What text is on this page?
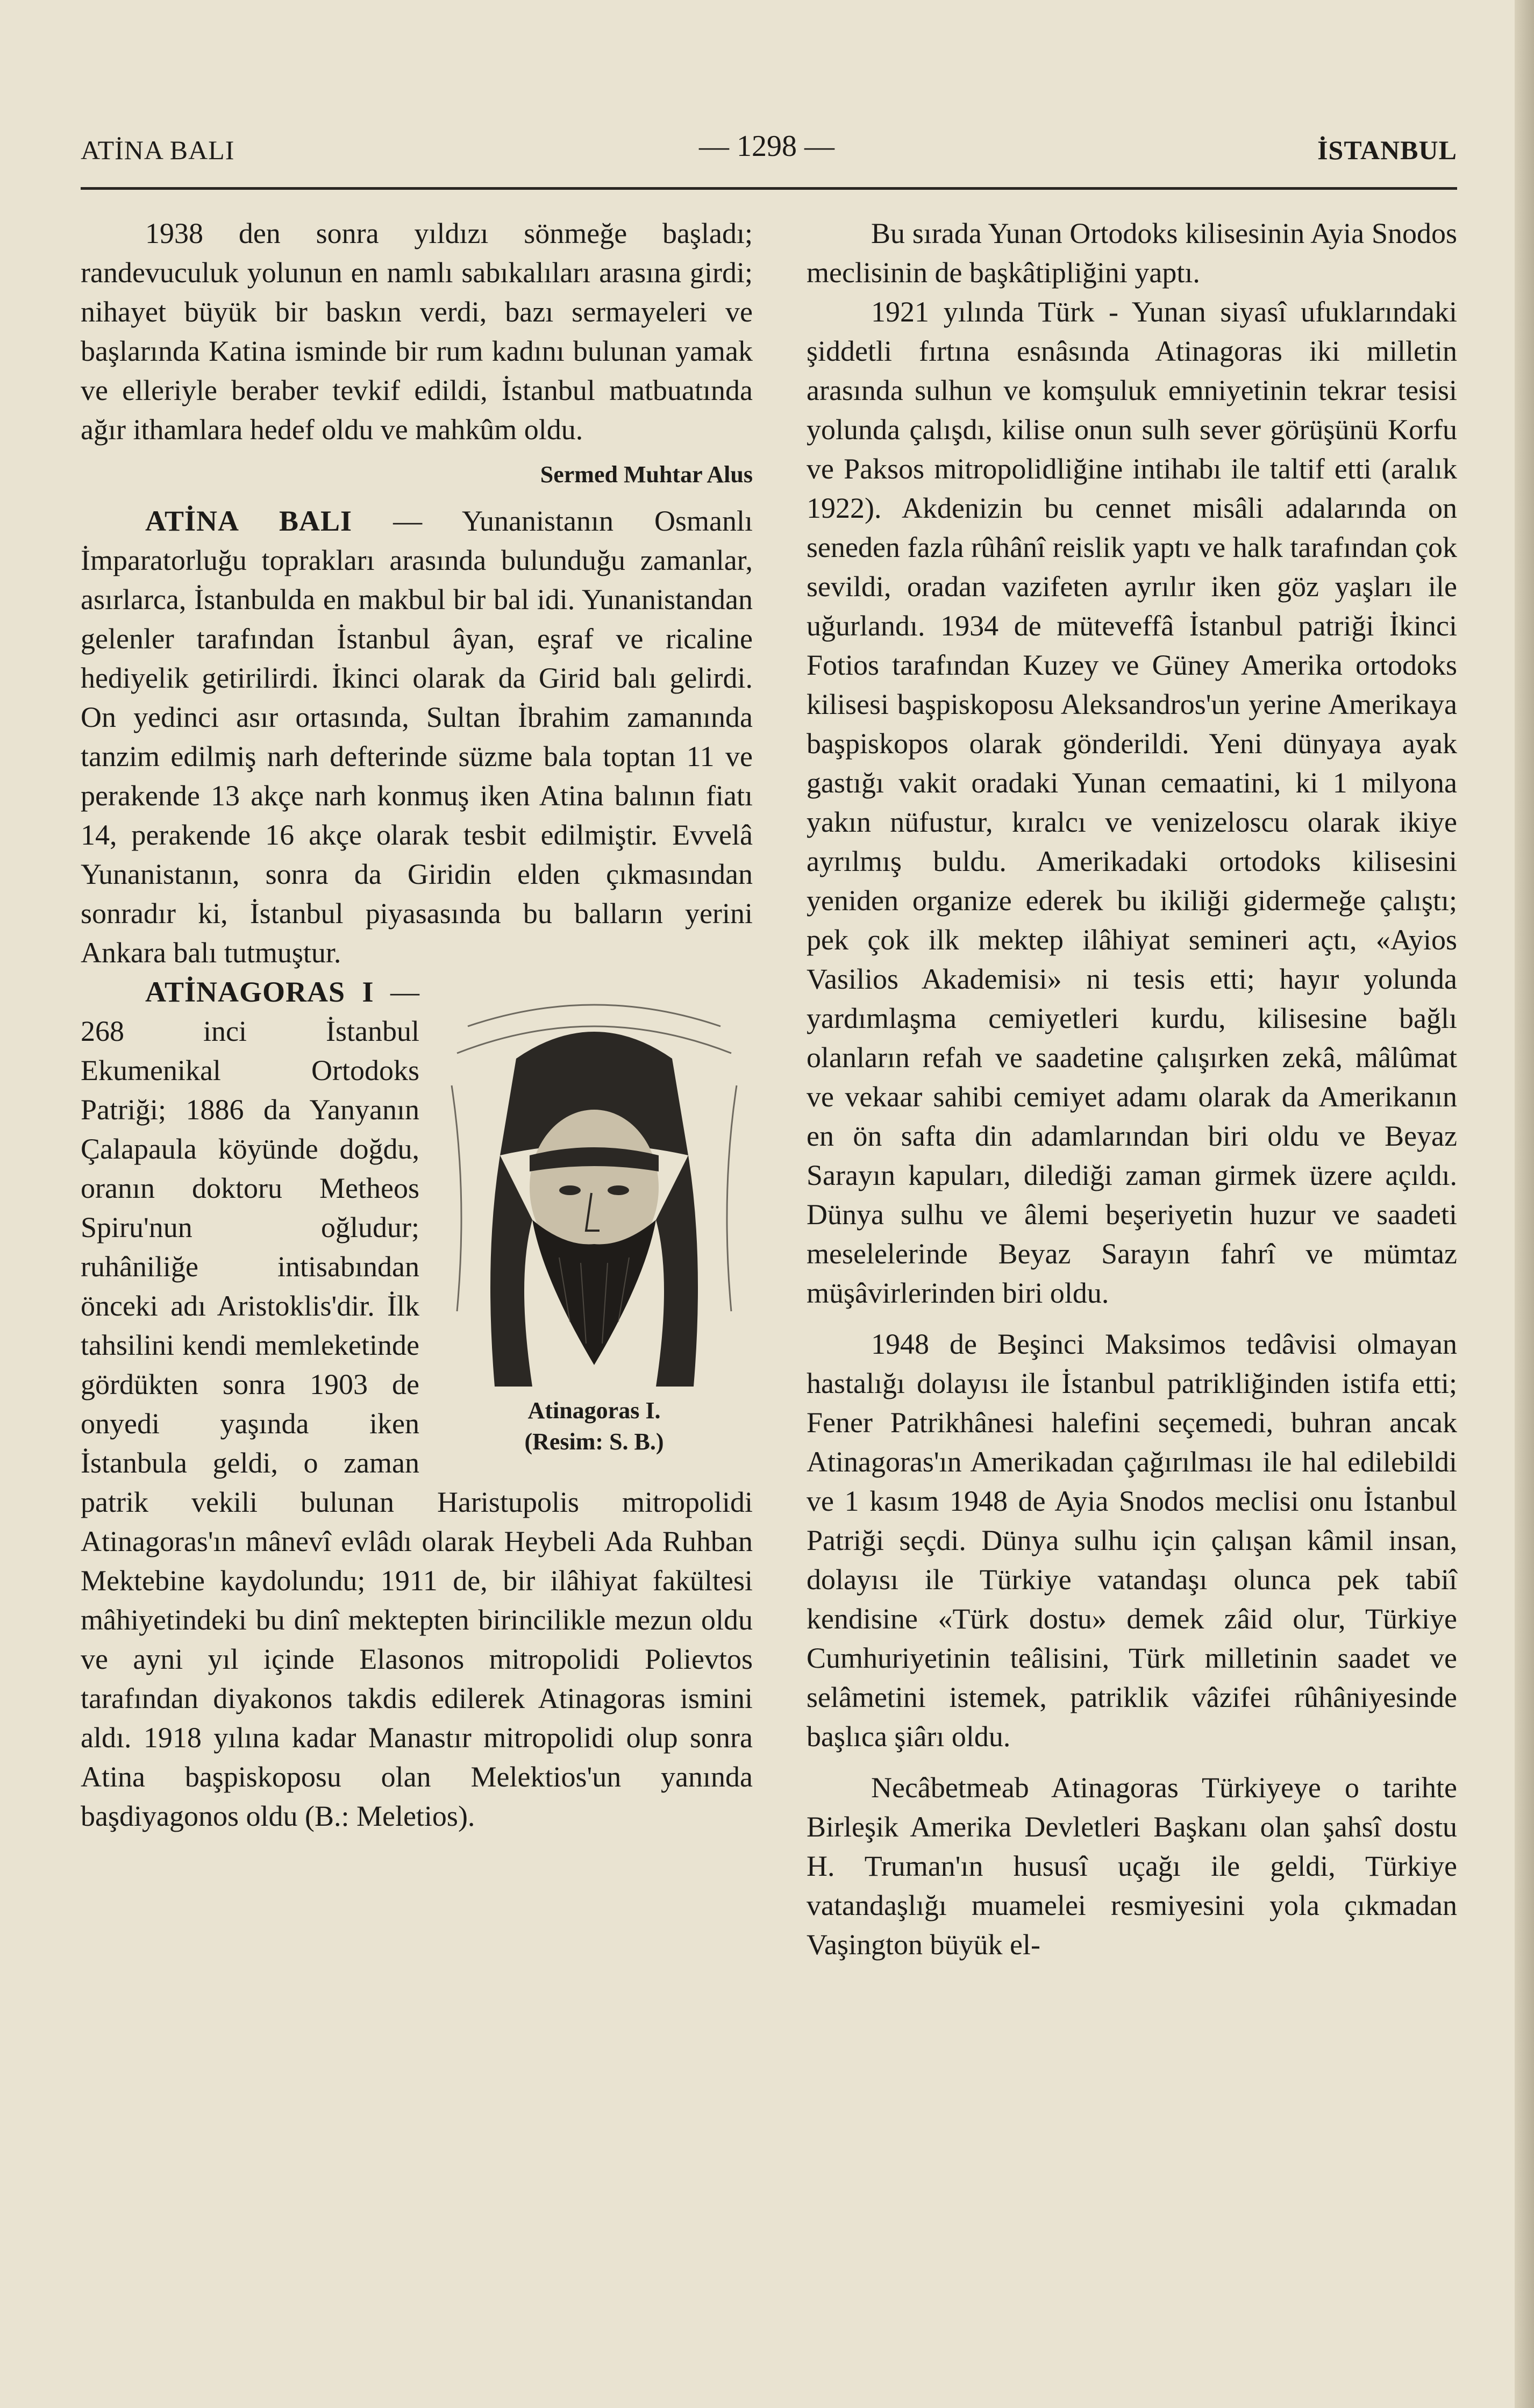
ATİNA BALI	— 1298 —	İSTANBUL

1938 den sonra yıldızı sönmeğe başladı; randevuculuk yolunun en namlı sabıkalıları arasına girdi; nihayet büyük bir baskın verdi, bazı sermayeleri ve başlarında Katina isminde bir rum kadını bulunan yamak ve elleriyle beraber tevkif edildi, İstanbul matbuatında ağır ithamlara hedef oldu ve mahkûm oldu.

Sermed Muhtar Alus

ATİNA BALI — Yunanistanın Osmanlı İmparatorluğu toprakları arasında bulunduğu zamanlar, asırlarca, İstanbulda en makbul bir bal idi. Yunanistandan gelenler tarafından İstanbul âyan, eşraf ve ricaline hediyelik getirilirdi. İkinci olarak da Girid balı gelirdi. On yedinci asır ortasında, Sultan İbrahim zamanında tanzim edilmiş narh defterinde süzme bala toptan 11 ve perakende 13 akçe narh konmuş iken Atina balının fiatı 14, perakende 16 akçe olarak tesbit edilmiştir. Evvelâ Yunanistanın, sonra da Giridin elden çıkmasından sonradır ki, İstanbul piyasasında bu balların yerini Ankara balı tutmuştur.

Atinagoras I.
(Resim: S. B.)

ATİNAGORAS I — 268 inci İstanbul Ekumenikal Ortodoks Patriği; 1886 da Yanyanın Çalapaula köyünde doğdu, oranın doktoru Metheos Spiru'nun oğludur; ruhâniliğe intisabından önceki adı Aristoklis'dir. İlk tahsilini kendi memleketinde gördükten sonra 1903 de onyedi yaşında iken İstanbula geldi, o zaman patrik vekili bulunan Haristupolis mitropolidi Atinagoras'ın mânevî evlâdı olarak Heybeli Ada Ruhban Mektebine kaydolundu; 1911 de, bir ilâhiyat fakültesi mâhiyetindeki bu dinî mektepten birincilikle mezun oldu ve ayni yıl içinde Elasonos mitropolidi Polievtos tarafından diyakonos takdis edilerek Atinagoras ismini aldı. 1918 yılına kadar Manastır mitropolidi olup sonra Atina başpiskoposu olan Melektios'un yanında başdiyagonos oldu (B.: Meletios).

Bu sırada Yunan Ortodoks kilisesinin Ayia Snodos meclisinin de başkâtipliğini yaptı.

1921 yılında Türk - Yunan siyasî ufuklarındaki şiddetli fırtına esnâsında Atinagoras iki milletin arasında sulhun ve komşuluk emniyetinin tekrar tesisi yolunda çalışdı, kilise onun sulh sever görüşünü Korfu ve Paksos mitropolidliğine intihabı ile taltif etti (aralık 1922). Akdenizin bu cennet misâli adalarında on seneden fazla rûhânî reislik yaptı ve halk tarafından çok sevildi, oradan vazifeten ayrılır iken göz yaşları ile uğurlandı. 1934 de müteveffâ İstanbul patriği İkinci Fotios tarafından Kuzey ve Güney Amerika ortodoks kilisesi başpiskoposu Aleksandros'un yerine Amerikaya başpiskopos olarak gönderildi. Yeni dünyaya ayak gastığı vakit oradaki Yunan cemaatini, ki 1 milyona yakın nüfustur, kıralcı ve venizeloscu olarak ikiye ayrılmış buldu. Amerikadaki ortodoks kilisesini yeniden organize ederek bu ikiliği gidermeğe çalıştı; pek çok ilk mektep ilâhiyat semineri açtı, «Ayios Vasilios Akademisi» ni tesis etti; hayır yolunda yardımlaşma cemiyetleri kurdu, kilisesine bağlı olanların refah ve saadetine çalışırken zekâ, mâlûmat ve vekaar sahibi cemiyet adamı olarak da Amerikanın en ön safta din adamlarından biri oldu ve Beyaz Sarayın kapuları, dilediği zaman girmek üzere açıldı. Dünya sulhu ve âlemi beşeriyetin huzur ve saadeti meselelerinde Beyaz Sarayın fahrî ve mümtaz müşâvirlerinden biri oldu.

1948 de Beşinci Maksimos tedâvisi olmayan hastalığı dolayısı ile İstanbul patrikliğinden istifa etti; Fener Patrikhânesi halefini seçemedi, buhran ancak Atinagoras'ın Amerikadan çağırılması ile hal edilebildi ve 1 kasım 1948 de Ayia Snodos meclisi onu İstanbul Patriği seçdi. Dünya sulhu için çalışan kâmil insan, dolayısı ile Türkiye vatandaşı olunca pek tabiî kendisine «Türk dostu» demek zâid olur, Türkiye Cumhuriyetinin teâlisini, Türk milletinin saadet ve selâmetini istemek, patriklik vâzifei rûhâniyesinde başlıca şiârı oldu.

Necâbetmeab Atinagoras Türkiyeye o tarihte Birleşik Amerika Devletleri Başkanı olan şahsî dostu H. Truman'ın hususî uçağı ile geldi, Türkiye vatandaşlığı muamelei resmiyesini yola çıkmadan Vaşington büyük el-
